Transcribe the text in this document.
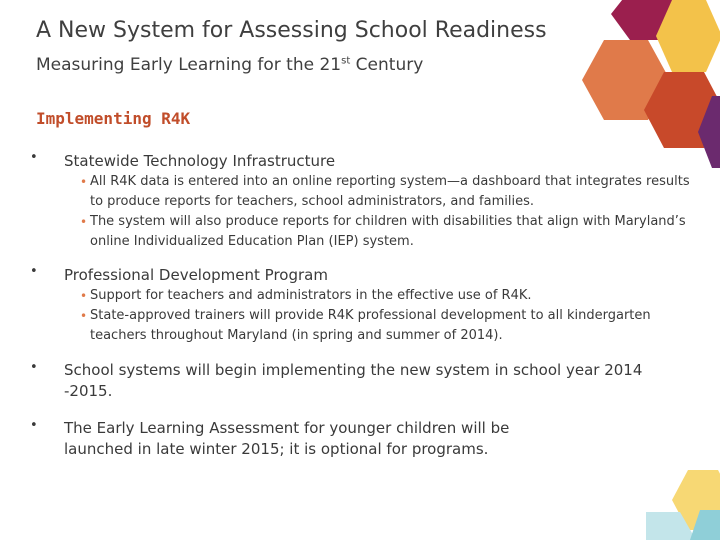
A New System for Assessing School Readiness
Measuring Early Learning for the 21st Century
Implementing R4K
• Statewide Technology Infrastructure
• All R4K data is entered into an online reporting system—a dashboard that integrates results to produce reports for teachers, school administrators, and families.
• The system will also produce reports for children with disabilities that align with Maryland’s online Individualized Education Plan (IEP) system.
• Professional Development Program
• Support for teachers and administrators in the effective use of R4K.
• State-approved trainers will provide R4K professional development to all kindergarten teachers throughout Maryland (in spring and summer of 2014).
• School systems will begin implementing the new system in school year 2014 -2015.
• The Early Learning Assessment for younger children will be launched in late winter 2015; it is optional for programs.
